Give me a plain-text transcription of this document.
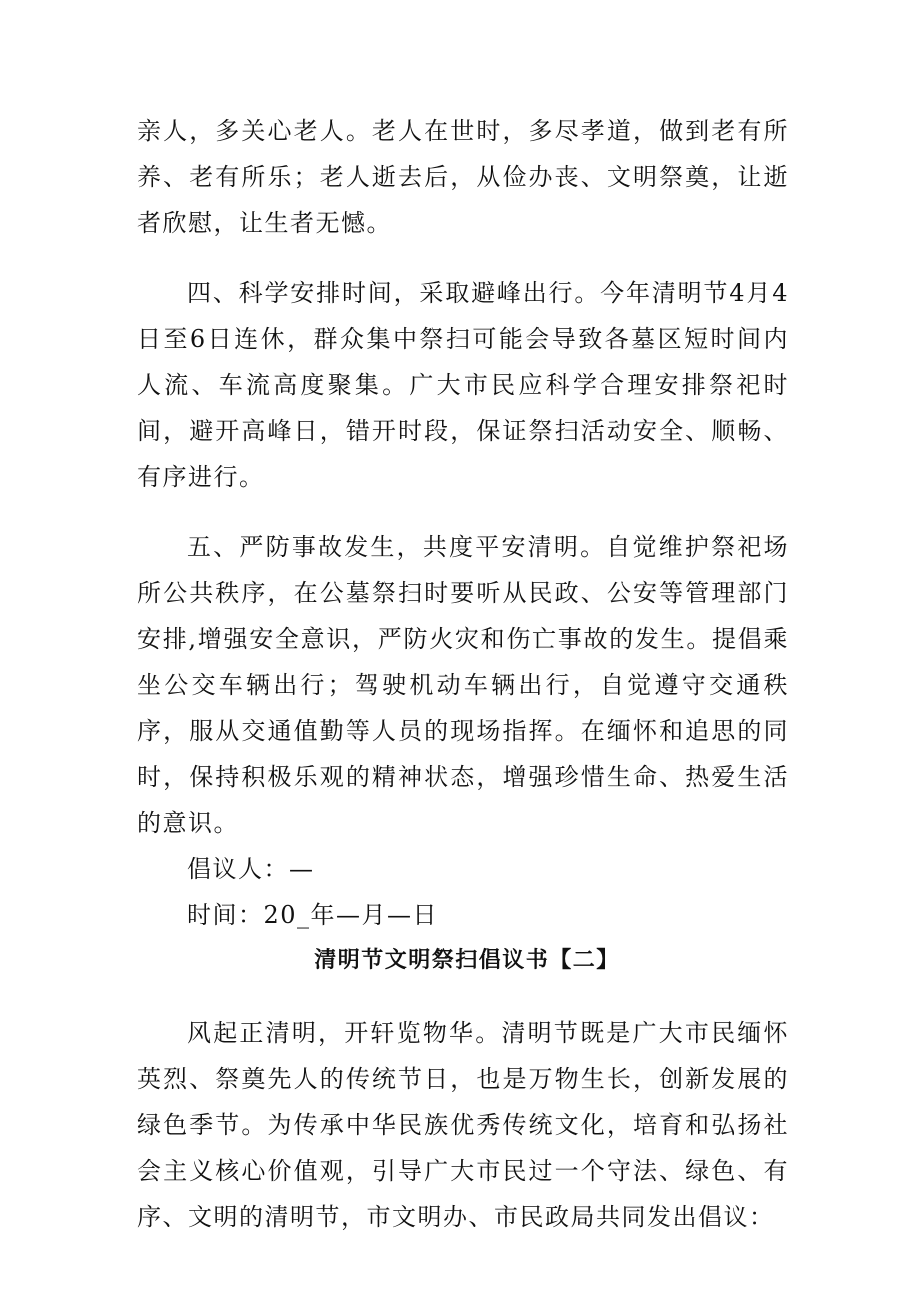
亲人，多关心老人。老人在世时，多尽孝道，做到老有所养、老有所乐；老人逝去后，从俭办丧、文明祭奠，让逝者欣慰，让生者无憾。

四、科学安排时间，采取避峰出行。今年清明节4月4日至6日连休，群众集中祭扫可能会导致各墓区短时间内人流、车流高度聚集。广大市民应科学合理安排祭祀时间，避开高峰日，错开时段，保证祭扫活动安全、顺畅、有序进行。

五、严防事故发生，共度平安清明。自觉维护祭祀场所公共秩序，在公墓祭扫时要听从民政、公安等管理部门安排,增强安全意识，严防火灾和伤亡事故的发生。提倡乘坐公交车辆出行；驾驶机动车辆出行，自觉遵守交通秩序，服从交通值勤等人员的现场指挥。在缅怀和追思的同时，保持积极乐观的精神状态，增强珍惜生命、热爱生活的意识。

倡议人：—

时间：20_年—月—日

清明节文明祭扫倡议书【二】

风起正清明，开轩览物华。清明节既是广大市民缅怀英烈、祭奠先人的传统节日，也是万物生长，创新发展的绿色季节。为传承中华民族优秀传统文化，培育和弘扬社会主义核心价值观，引导广大市民过一个守法、绿色、有序、文明的清明节，市文明办、市民政局共同发出倡议：
